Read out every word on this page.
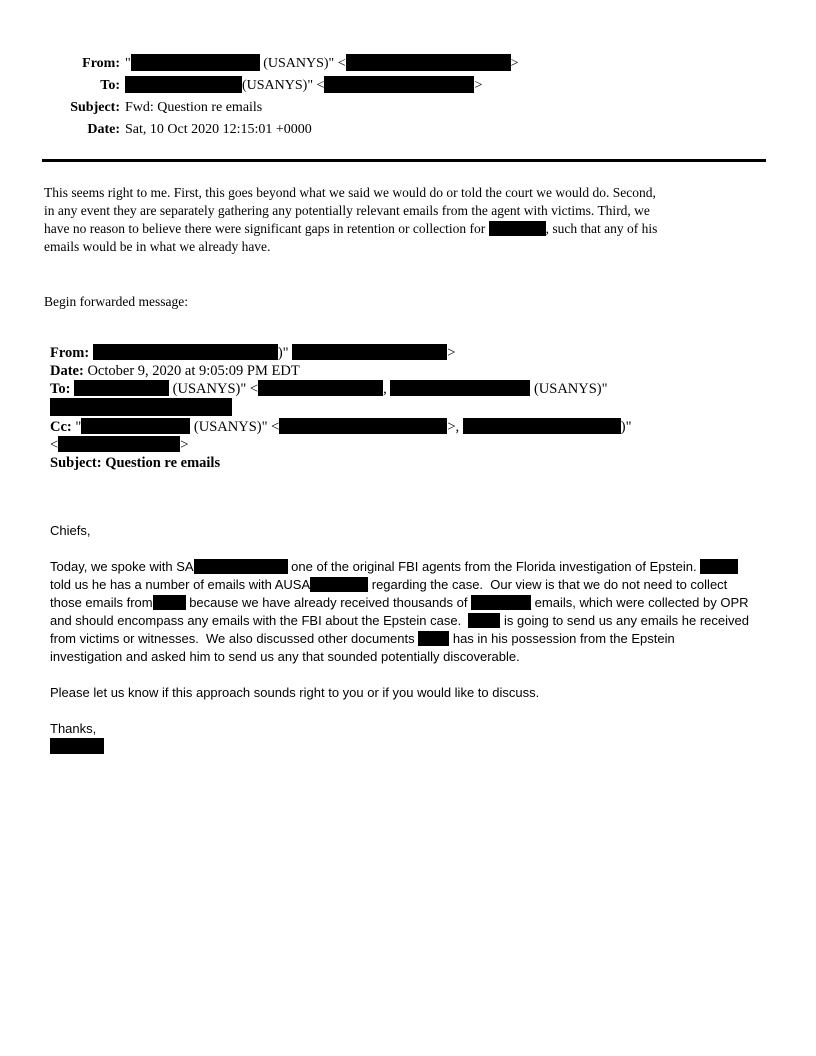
From:	" (USANYS)" < >
To:	(USANYS)" < >
Subject:	Fwd: Question re emails
Date:	Sat, 10 Oct 2020 12:15:01 +0000
This seems right to me. First, this goes beyond what we said we would do or told the court we would do. Second,
in any event they are separately gathering any potentially relevant emails from the agent with victims. Third, we
have no reason to believe there were significant gaps in retention or collection for	, such that any of his
emails would be in what we already have.
Begin forwarded message:
From:	)"	>
Date: October 9, 2020 at 9:05:09 PM EDT
To:	(USANYS)" <	,	(USANYS)"
Cc: "	(USANYS)" <	>,	)"
<	>
Subject: Question re emails
Chiefs,

Today, we spoke with SA	one of the original FBI agents from the Florida investigation of Epstein.
told us he has a number of emails with AUSA	regarding the case.  Our view is that we do not need to collect
those emails from	because we have already received thousands of	emails, which were collected by OPR
and should encompass any emails with the FBI about the Epstein case.   is going to send us any emails he received
from victims or witnesses.  We also discussed other documents  has in his possession from the Epstein
investigation and asked him to send us any that sounded potentially discoverable.

Please let us know if this approach sounds right to you or if you would like to discuss.

Thanks,
